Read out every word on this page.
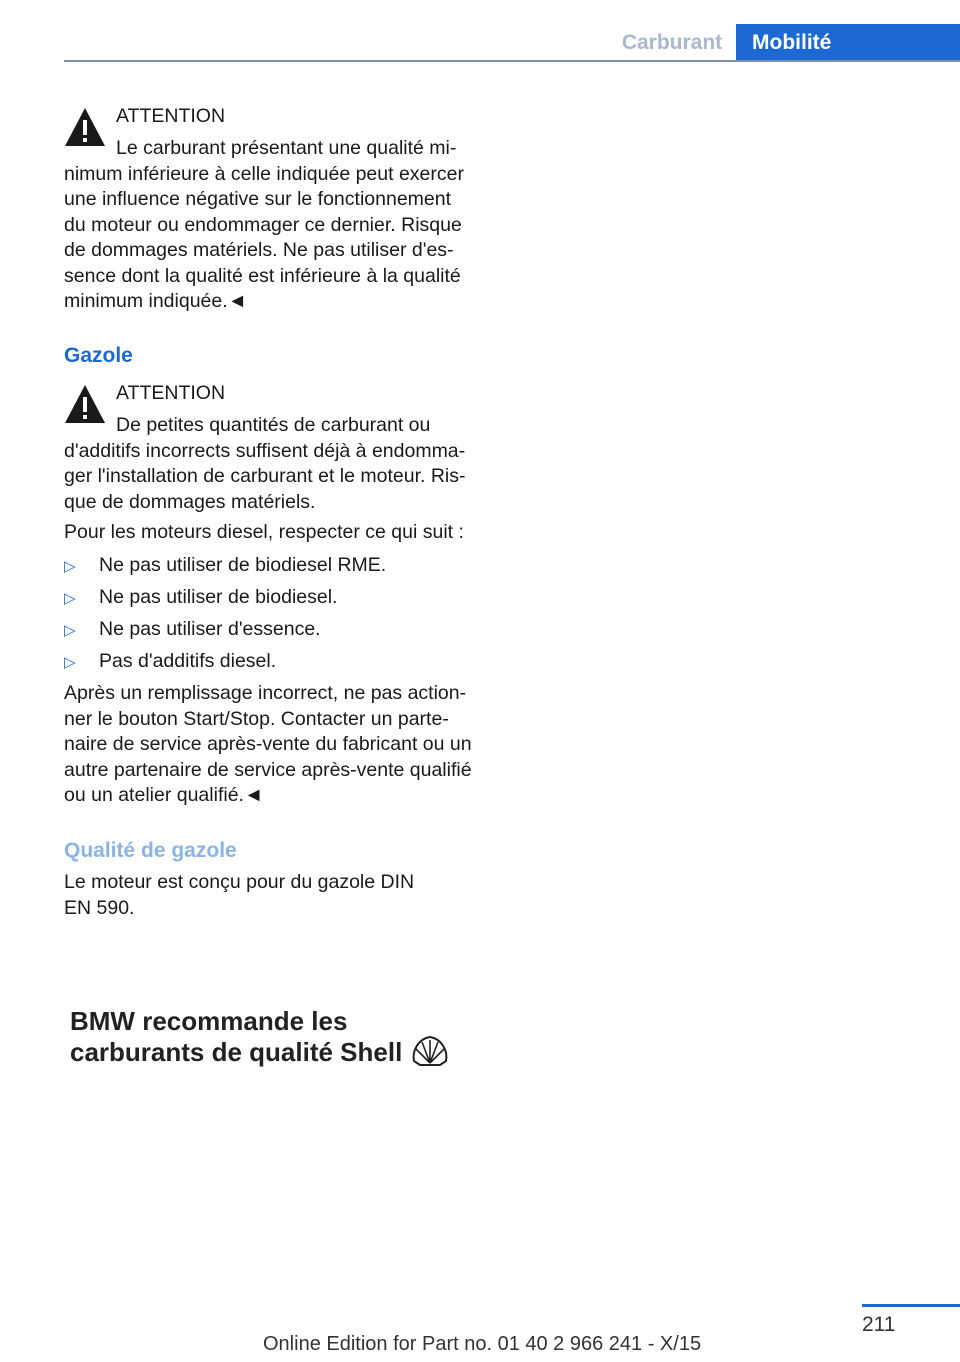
Carburant	Mobilité
ATTENTION
Le carburant présentant une qualité mi-
nimum inférieure à celle indiquée peut exercer
une influence négative sur le fonctionnement
du moteur ou endommager ce dernier. Risque
de dommages matériels. Ne pas utiliser d'es-
sence dont la qualité est inférieure à la qualité
minimum indiquée.◄
Gazole
ATTENTION
De petites quantités de carburant ou
d'additifs incorrects suffisent déjà à endomma-
ger l'installation de carburant et le moteur. Ris-
que de dommages matériels.
Pour les moteurs diesel, respecter ce qui suit :
▷ Ne pas utiliser de biodiesel RME.
▷ Ne pas utiliser de biodiesel.
▷ Ne pas utiliser d'essence.
▷ Pas d'additifs diesel.
Après un remplissage incorrect, ne pas action-
ner le bouton Start/Stop. Contacter un parte-
naire de service après-vente du fabricant ou un
autre partenaire de service après-vente qualifié
ou un atelier qualifié.◄
Qualité de gazole
Le moteur est conçu pour du gazole DIN
EN 590.
BMW recommande les
carburants de qualité Shell
211
Online Edition for Part no. 01 40 2 966 241 - X/15
